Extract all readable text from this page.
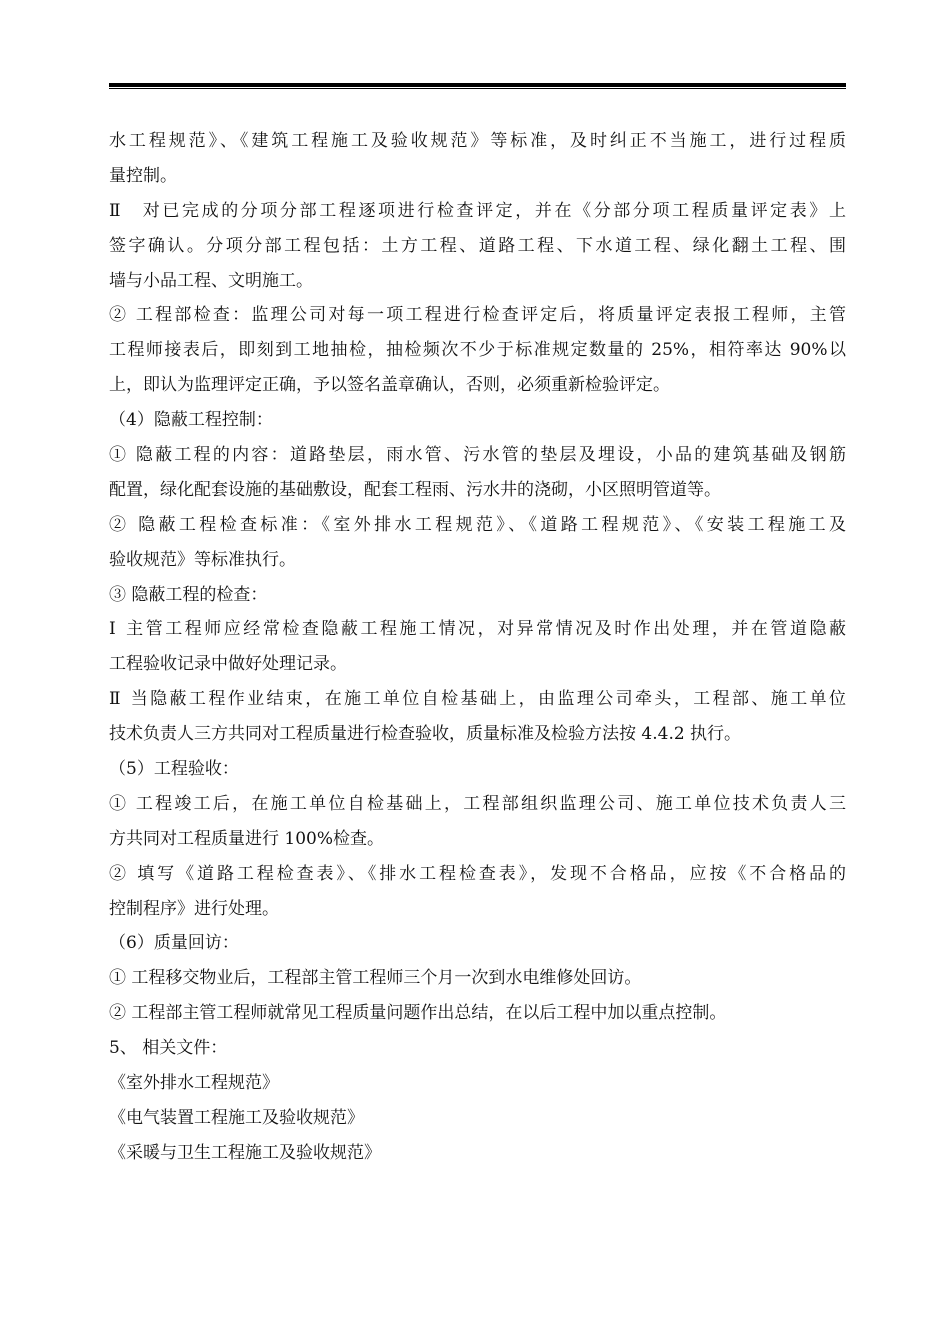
水工程规范》、《建筑工程施工及验收规范》等标准，及时纠正不当施工，进行过程质
量控制。
Ⅱ　对已完成的分项分部工程逐项进行检查评定，并在《分部分项工程质量评定表》上
签字确认。分项分部工程包括：土方工程、道路工程、下水道工程、绿化翻土工程、围
墙与小品工程、文明施工。
② 工程部检查：监理公司对每一项工程进行检查评定后，将质量评定表报工程师，主管
工程师接表后，即刻到工地抽检，抽检频次不少于标准规定数量的 25%，相符率达 90%以
上，即认为监理评定正确，予以签名盖章确认，否则，必须重新检验评定。
（4）隐蔽工程控制：
① 隐蔽工程的内容：道路垫层，雨水管、污水管的垫层及埋设，小品的建筑基础及钢筋
配置，绿化配套设施的基础敷设，配套工程雨、污水井的浇砌，小区照明管道等。
② 隐蔽工程检查标准：《室外排水工程规范》、《道路工程规范》、《安装工程施工及
验收规范》等标准执行。
③ 隐蔽工程的检查：
Ⅰ 主管工程师应经常检查隐蔽工程施工情况，对异常情况及时作出处理，并在管道隐蔽
工程验收记录中做好处理记录。
Ⅱ 当隐蔽工程作业结束，在施工单位自检基础上，由监理公司牵头，工程部、施工单位
技术负责人三方共同对工程质量进行检查验收，质量标准及检验方法按 4.4.2 执行。
（5）工程验收：
① 工程竣工后，在施工单位自检基础上，工程部组织监理公司、施工单位技术负责人三
方共同对工程质量进行 100%检查。
② 填写《道路工程检查表》、《排水工程检查表》，发现不合格品，应按《不合格品的
控制程序》进行处理。
（6）质量回访：
① 工程移交物业后，工程部主管工程师三个月一次到水电维修处回访。
② 工程部主管工程师就常见工程质量问题作出总结，在以后工程中加以重点控制。
5、 相关文件：
《室外排水工程规范》
《电气装置工程施工及验收规范》
《采暖与卫生工程施工及验收规范》
